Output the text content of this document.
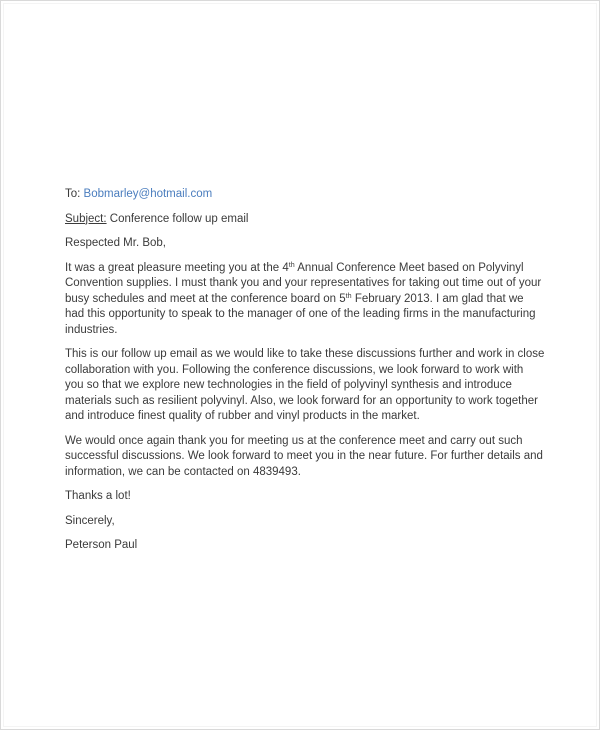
To: Bobmarley@hotmail.com

Subject: Conference follow up email

Respected Mr. Bob,

It was a great pleasure meeting you at the 4th Annual Conference Meet based on Polyvinyl Convention supplies. I must thank you and your representatives for taking out time out of your busy schedules and meet at the conference board on 5th February 2013. I am glad that we had this opportunity to speak to the manager of one of the leading firms in the manufacturing industries.

This is our follow up email as we would like to take these discussions further and work in close collaboration with you. Following the conference discussions, we look forward to work with you so that we explore new technologies in the field of polyvinyl synthesis and introduce materials such as resilient polyvinyl. Also, we look forward for an opportunity to work together and introduce finest quality of rubber and vinyl products in the market.

We would once again thank you for meeting us at the conference meet and carry out such successful discussions. We look forward to meet you in the near future. For further details and information, we can be contacted on 4839493.

Thanks a lot!

Sincerely,

Peterson Paul
